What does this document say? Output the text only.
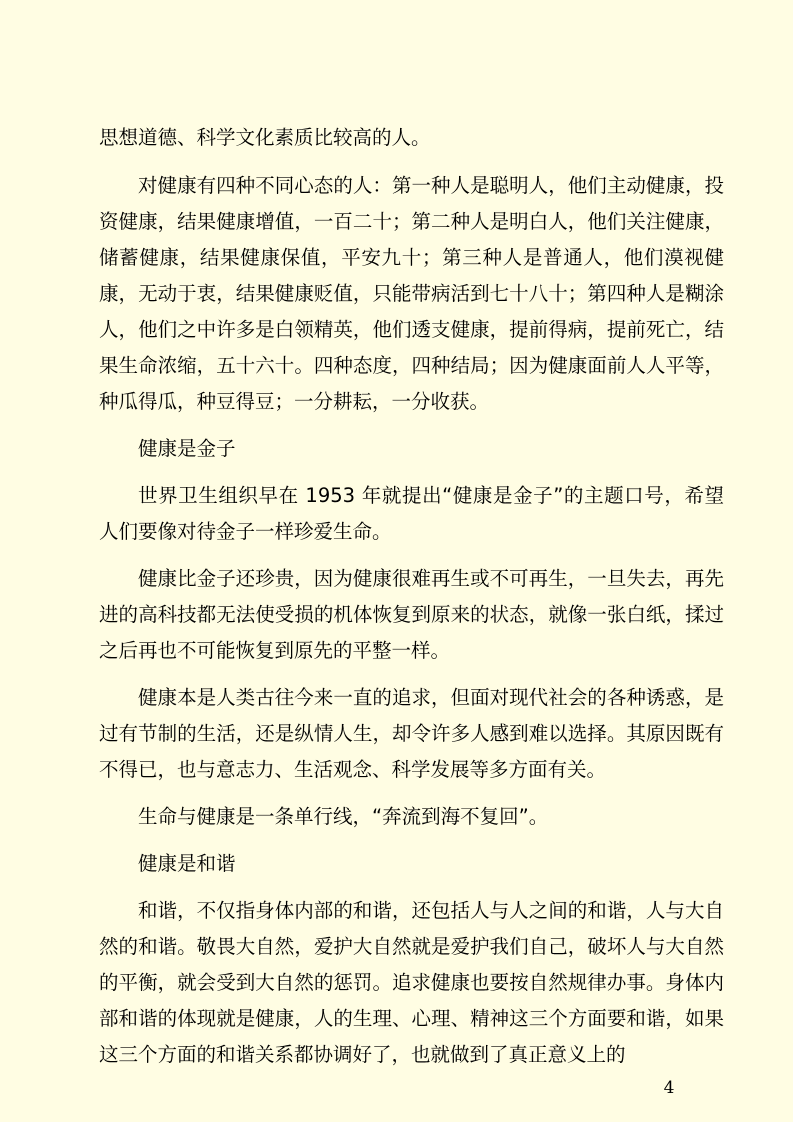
思想道德、科学文化素质比较高的人。

对健康有四种不同心态的人：第一种人是聪明人，他们主动健康，投资健康，结果健康增值，一百二十；第二种人是明白人，他们关注健康，储蓄健康，结果健康保值，平安九十；第三种人是普通人，他们漠视健康，无动于衷，结果健康贬值，只能带病活到七十八十；第四种人是糊涂人，他们之中许多是白领精英，他们透支健康，提前得病，提前死亡，结果生命浓缩，五十六十。四种态度，四种结局；因为健康面前人人平等，种瓜得瓜，种豆得豆；一分耕耘，一分收获。

健康是金子

世界卫生组织早在 1953 年就提出“健康是金子”的主题口号，希望人们要像对待金子一样珍爱生命。

健康比金子还珍贵，因为健康很难再生或不可再生，一旦失去，再先进的高科技都无法使受损的机体恢复到原来的状态，就像一张白纸，揉过之后再也不可能恢复到原先的平整一样。

健康本是人类古往今来一直的追求，但面对现代社会的各种诱惑，是过有节制的生活，还是纵情人生，却令许多人感到难以选择。其原因既有不得已，也与意志力、生活观念、科学发展等多方面有关。

生命与健康是一条单行线，“奔流到海不复回”。

健康是和谐

和谐，不仅指身体内部的和谐，还包括人与人之间的和谐，人与大自然的和谐。敬畏大自然，爱护大自然就是爱护我们自己，破坏人与大自然的平衡，就会受到大自然的惩罚。追求健康也要按自然规律办事。身体内部和谐的体现就是健康，人的生理、心理、精神这三个方面要和谐，如果这三个方面的和谐关系都协调好了，也就做到了真正意义上的

4
